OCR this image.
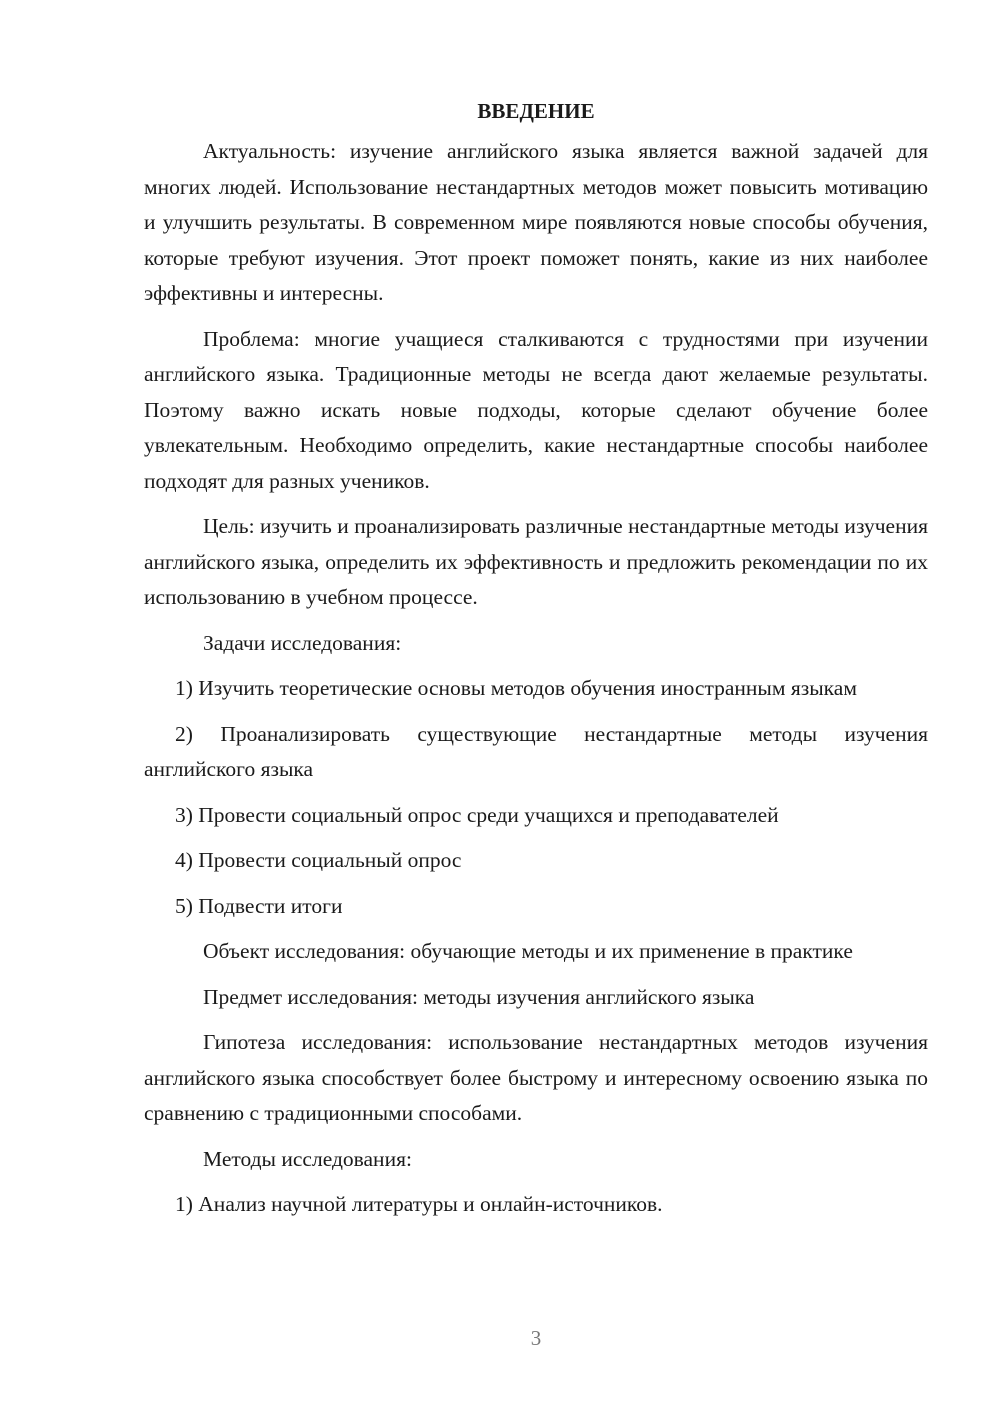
ВВЕДЕНИЕ

Актуальность: изучение английского языка является важной задачей для многих людей. Использование нестандартных методов может повысить мотивацию и улучшить результаты. В современном мире появляются новые способы обучения, которые требуют изучения. Этот проект поможет понять, какие из них наиболее эффективны и интересны.

Проблема: многие учащиеся сталкиваются с трудностями при изучении английского языка. Традиционные методы не всегда дают желаемые результаты. Поэтому важно искать новые подходы, которые сделают обучение более увлекательным. Необходимо определить, какие нестандартные способы наиболее подходят для разных учеников.

Цель: изучить и проанализировать различные нестандартные методы изучения английского языка, определить их эффективность и предложить рекомендации по их использованию в учебном процессе.

Задачи исследования:

1) Изучить теоретические основы методов обучения иностранным языкам

2) Проанализировать существующие нестандартные методы изучения английского языка

3) Провести социальный опрос среди учащихся и преподавателей

4) Провести социальный опрос

5) Подвести итоги

Объект исследования: обучающие методы и их применение в практике

Предмет исследования: методы изучения английского языка

Гипотеза исследования: использование нестандартных методов изучения английского языка способствует более быстрому и интересному освоению языка по сравнению с традиционными способами.

Методы исследования:

1) Анализ научной литературы и онлайн-источников.

3
